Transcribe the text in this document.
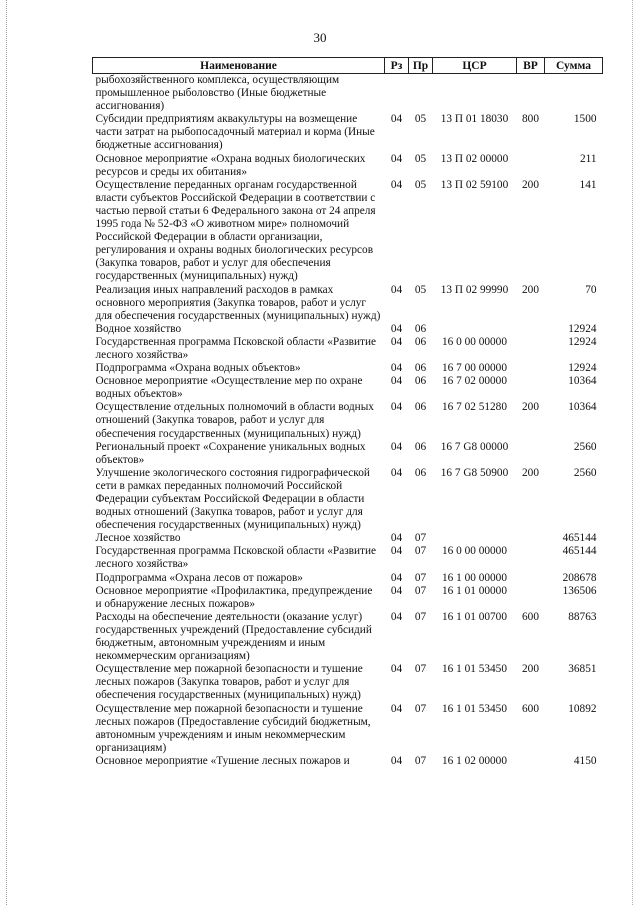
30
Наименование	Рз	Пр	ЦСР	ВР	Сумма
рыбохозяйственного комплекса, осуществляющим промышленное рыболовство (Иные бюджетные ассигнования)					
Субсидии предприятиям аквакультуры на возмещение части затрат на рыбопосадочный материал и корма (Иные бюджетные ассигнования)	04	05	13 П 01 18030	800	1500
Основное мероприятие «Охрана водных биологических ресурсов и среды их обитания»	04	05	13 П 02 00000		211
Осуществление переданных органам государственной власти субъектов Российской Федерации в соответствии с частью первой статьи 6 Федерального закона от 24 апреля 1995 года № 52-ФЗ «О животном мире» полномочий Российской Федерации в области организации, регулирования и охраны водных биологических ресурсов (Закупка товаров, работ и услуг для обеспечения государственных (муниципальных) нужд)	04	05	13 П 02 59100	200	141
Реализация иных направлений расходов в рамках основного мероприятия (Закупка товаров, работ и услуг для обеспечения государственных (муниципальных) нужд)	04	05	13 П 02 99990	200	70
Водное хозяйство	04	06			12924
Государственная программа Псковской области «Развитие лесного хозяйства»	04	06	16 0 00 00000		12924
Подпрограмма «Охрана водных объектов»	04	06	16 7 00 00000		12924
Основное мероприятие «Осуществление мер по охране водных объектов»	04	06	16 7 02 00000		10364
Осуществление отдельных полномочий в области водных отношений (Закупка товаров, работ и услуг для обеспечения государственных (муниципальных) нужд)	04	06	16 7 02 51280	200	10364
Региональный проект «Сохранение уникальных водных объектов»	04	06	16 7 G8 00000		2560
Улучшение экологического состояния гидрографической сети в рамках переданных полномочий Российской Федерации субъектам Российской Федерации в области водных отношений (Закупка товаров, работ и услуг для обеспечения государственных (муниципальных) нужд)	04	06	16 7 G8 50900	200	2560
Лесное хозяйство	04	07			465144
Государственная программа Псковской области «Развитие лесного хозяйства»	04	07	16 0 00 00000		465144
Подпрограмма «Охрана лесов от пожаров»	04	07	16 1 00 00000		208678
Основное мероприятие «Профилактика, предупреждение и обнаружение лесных пожаров»	04	07	16 1 01 00000		136506
Расходы на обеспечение деятельности (оказание услуг) государственных учреждений (Предоставление субсидий бюджетным, автономным учреждениям и иным некоммерческим организациям)	04	07	16 1 01 00700	600	88763
Осуществление мер пожарной безопасности и тушение лесных пожаров (Закупка товаров, работ и услуг для обеспечения государственных (муниципальных) нужд)	04	07	16 1 01 53450	200	36851
Осуществление мер пожарной безопасности и тушение лесных пожаров (Предоставление субсидий бюджетным, автономным учреждениям и иным некоммерческим организациям)	04	07	16 1 01 53450	600	10892
Основное мероприятие «Тушение лесных пожаров и	04	07	16 1 02 00000		4150
